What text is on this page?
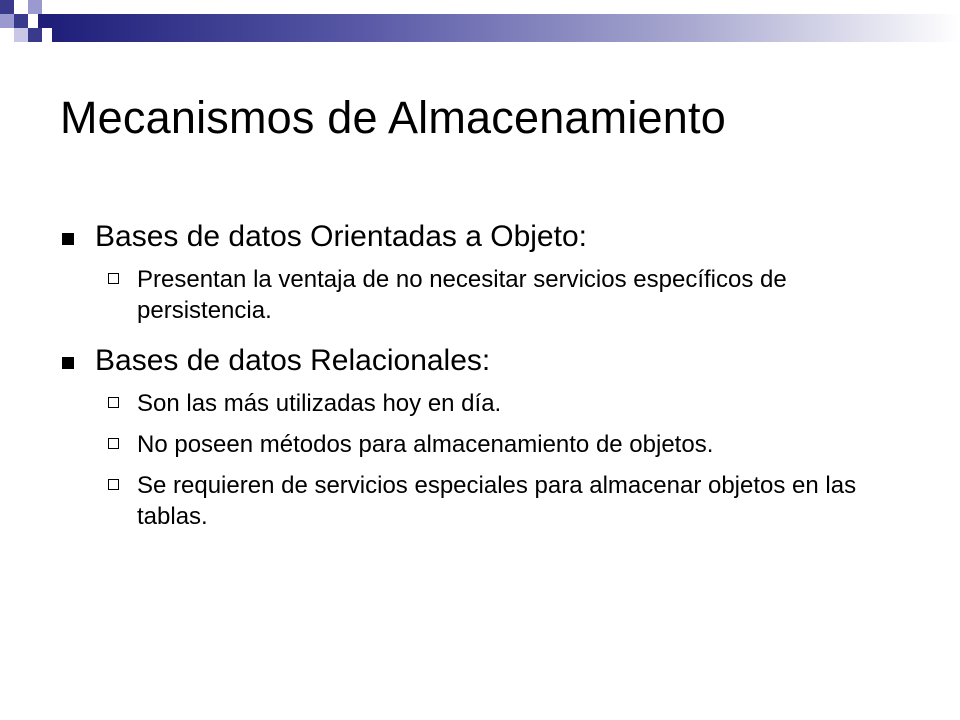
Mecanismos de Almacenamiento
Bases de datos Orientadas a Objeto:
Presentan la ventaja de no necesitar servicios específicos de persistencia.
Bases de datos Relacionales:
Son las más utilizadas hoy en día.
No poseen métodos para almacenamiento de objetos.
Se requieren de servicios especiales para almacenar objetos en las tablas.
